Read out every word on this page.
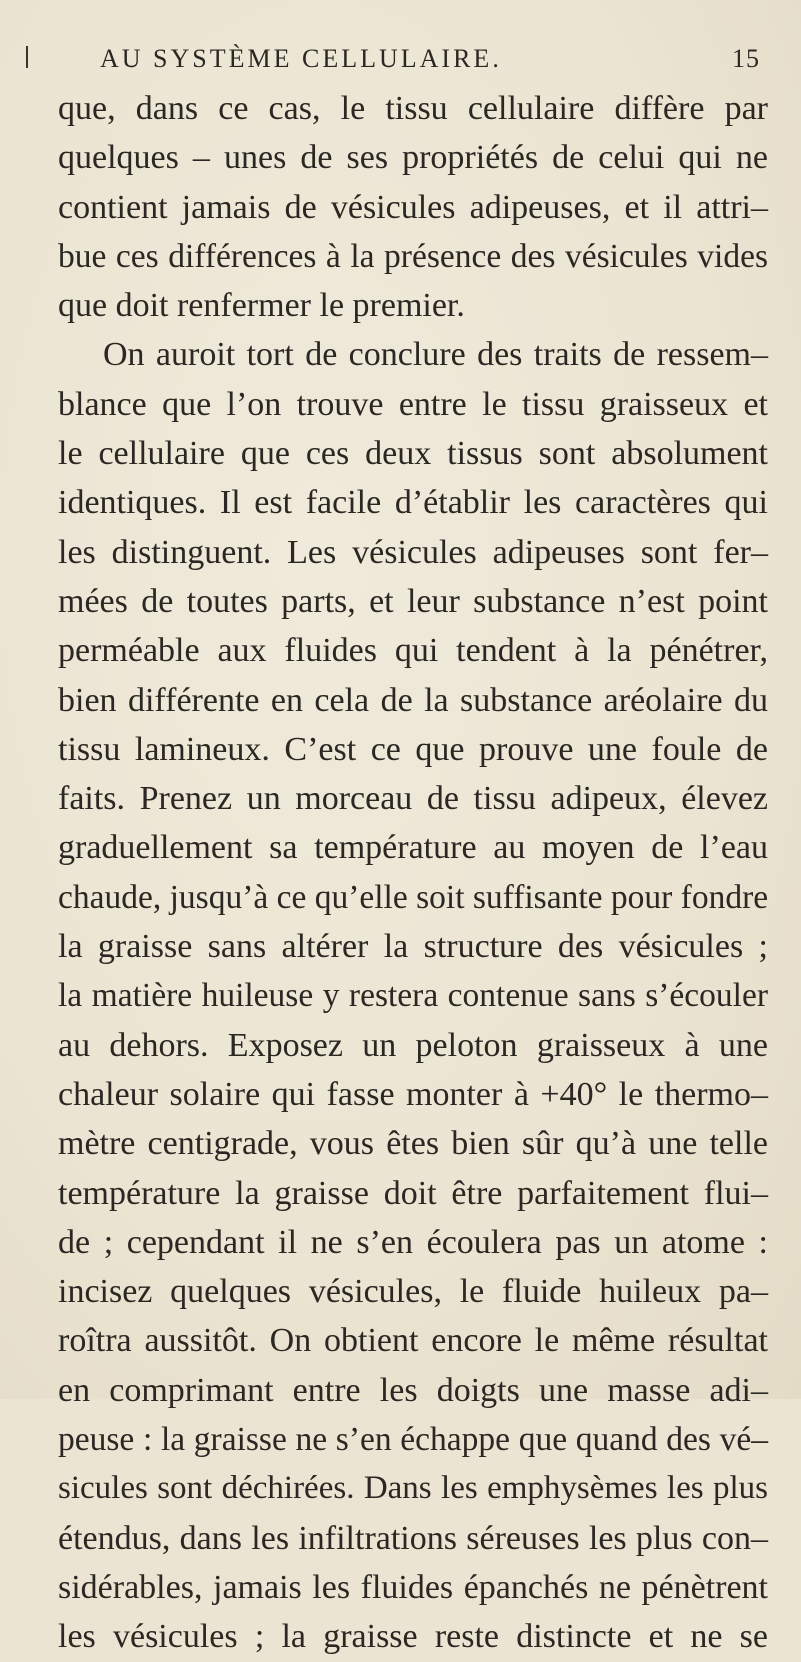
AU SYSTÈME CELLULAIRE.	15
que, dans ce cas, le tissu cellulaire diffère par
quelques – unes de ses propriétés de celui qui ne
contient jamais de vésicules adipeuses, et il attri–
bue ces différences à la présence des vésicules vides
que doit renfermer le premier.
On auroit tort de conclure des traits de ressem–
blance que l’on trouve entre le tissu graisseux et
le cellulaire que ces deux tissus sont absolument
identiques. Il est facile d’établir les caractères qui
les distinguent. Les vésicules adipeuses sont fer–
mées de toutes parts, et leur substance n’est point
perméable aux fluides qui tendent à la pénétrer,
bien différente en cela de la substance aréolaire du
tissu lamineux. C’est ce que prouve une foule de
faits. Prenez un morceau de tissu adipeux, élevez
graduellement sa température au moyen de l’eau
chaude, jusqu’à ce qu’elle soit suffisante pour fondre
la graisse sans altérer la structure des vésicules ;
la matière huileuse y restera contenue sans s’écouler
au dehors. Exposez un peloton graisseux à une
chaleur solaire qui fasse monter à +40° le thermo–
mètre centigrade, vous êtes bien sûr qu’à une telle
température la graisse doit être parfaitement flui–
de ; cependant il ne s’en écoulera pas un atome :
incisez quelques vésicules, le fluide huileux pa–
roîtra aussitôt. On obtient encore le même résultat
en comprimant entre les doigts une masse adi–
peuse : la graisse ne s’en échappe que quand des vé–
sicules sont déchirées. Dans les emphysèmes les plus
étendus, dans les infiltrations séreuses les plus con–
sidérables, jamais les fluides épanchés ne pénètrent
les vésicules ; la graisse reste distincte et ne se
